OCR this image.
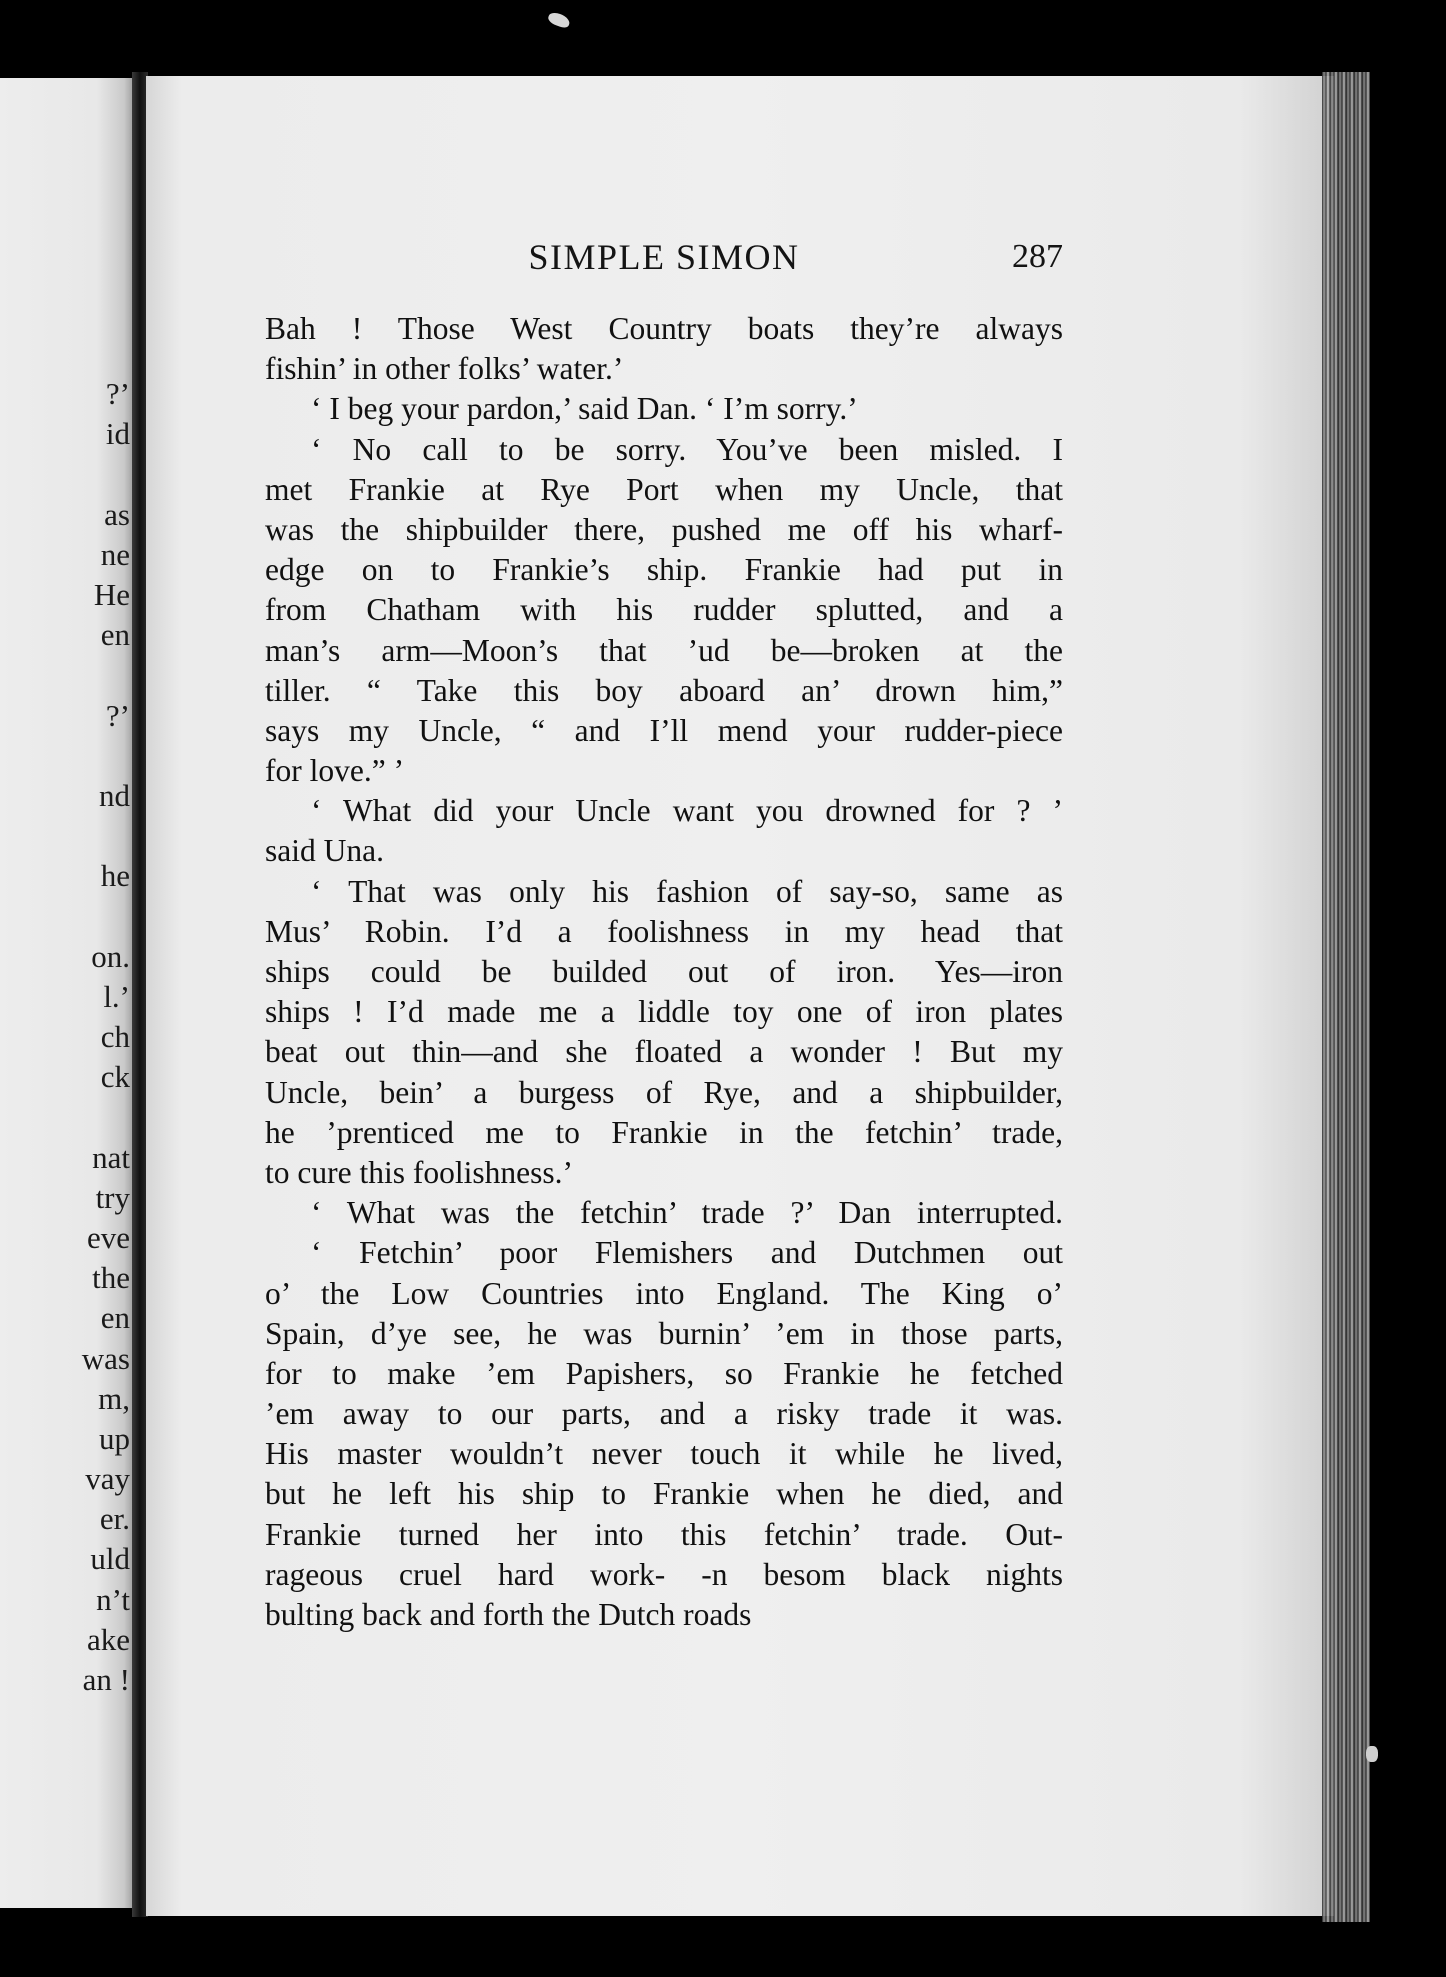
?’
id
as
ne
He
en
?’
nd
he
on.
l.’
ch
ck
nat
try
eve
the
en
was
m,
up
vay
er.
uld
n’t
ake
an !
SIMPLE SIMON	287
Bah ! Those West Country boats they’re always
fishin’ in other folks’ water.’
‘ I beg your pardon,’ said Dan. ‘ I’m sorry.’
‘ No call to be sorry. You’ve been misled. I
met Frankie at Rye Port when my Uncle, that
was the shipbuilder there, pushed me off his wharf-
edge on to Frankie’s ship. Frankie had put in
from Chatham with his rudder splutted, and a
man’s arm—Moon’s that ’ud be—broken at the
tiller. “ Take this boy aboard an’ drown him,”
says my Uncle, “ and I’ll mend your rudder-piece
for love.” ’
‘ What did your Uncle want you drowned for ? ’
said Una.
‘ That was only his fashion of say-so, same as
Mus’ Robin. I’d a foolishness in my head that
ships could be builded out of iron. Yes—iron
ships ! I’d made me a liddle toy one of iron plates
beat out thin—and she floated a wonder ! But my
Uncle, bein’ a burgess of Rye, and a shipbuilder,
he ’prenticed me to Frankie in the fetchin’ trade,
to cure this foolishness.’
‘ What was the fetchin’ trade ?’ Dan interrupted.
‘ Fetchin’ poor Flemishers and Dutchmen out
o’ the Low Countries into England. The King o’
Spain, d’ye see, he was burnin’ ’em in those parts,
for to make ’em Papishers, so Frankie he fetched
’em away to our parts, and a risky trade it was.
His master wouldn’t never touch it while he lived,
but he left his ship to Frankie when he died, and
Frankie turned her into this fetchin’ trade. Out-
rageous cruel hard work- -n besom black nights
bulting back and forth the Dutch roads
